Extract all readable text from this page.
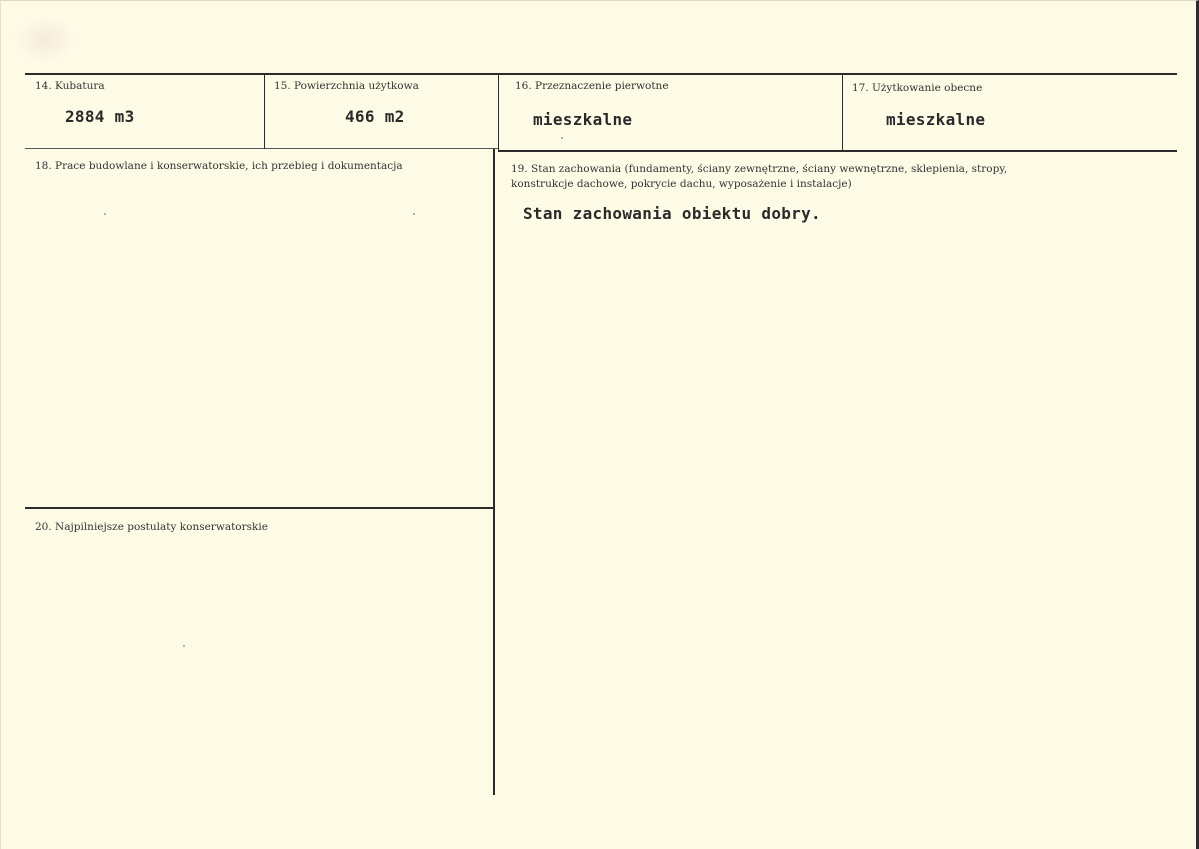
14. Kubatura
2884 m3
15. Powierzchnia użytkowa
466 m2
16. Przeznaczenie pierwotne
mieszkalne
17. Użytkowanie obecne
mieszkalne
18. Prace budowlane i konserwatorskie, ich przebieg i dokumentacja	19. Stan zachowania (fundamenty, ściany zewnętrzne, ściany wewnętrzne, sklepienia, stropy,
konstrukcje dachowe, pokrycie dachu, wyposażenie i instalacje)
Stan zachowania obiektu dobry.
20. Najpilniejsze postulaty konserwatorskie
